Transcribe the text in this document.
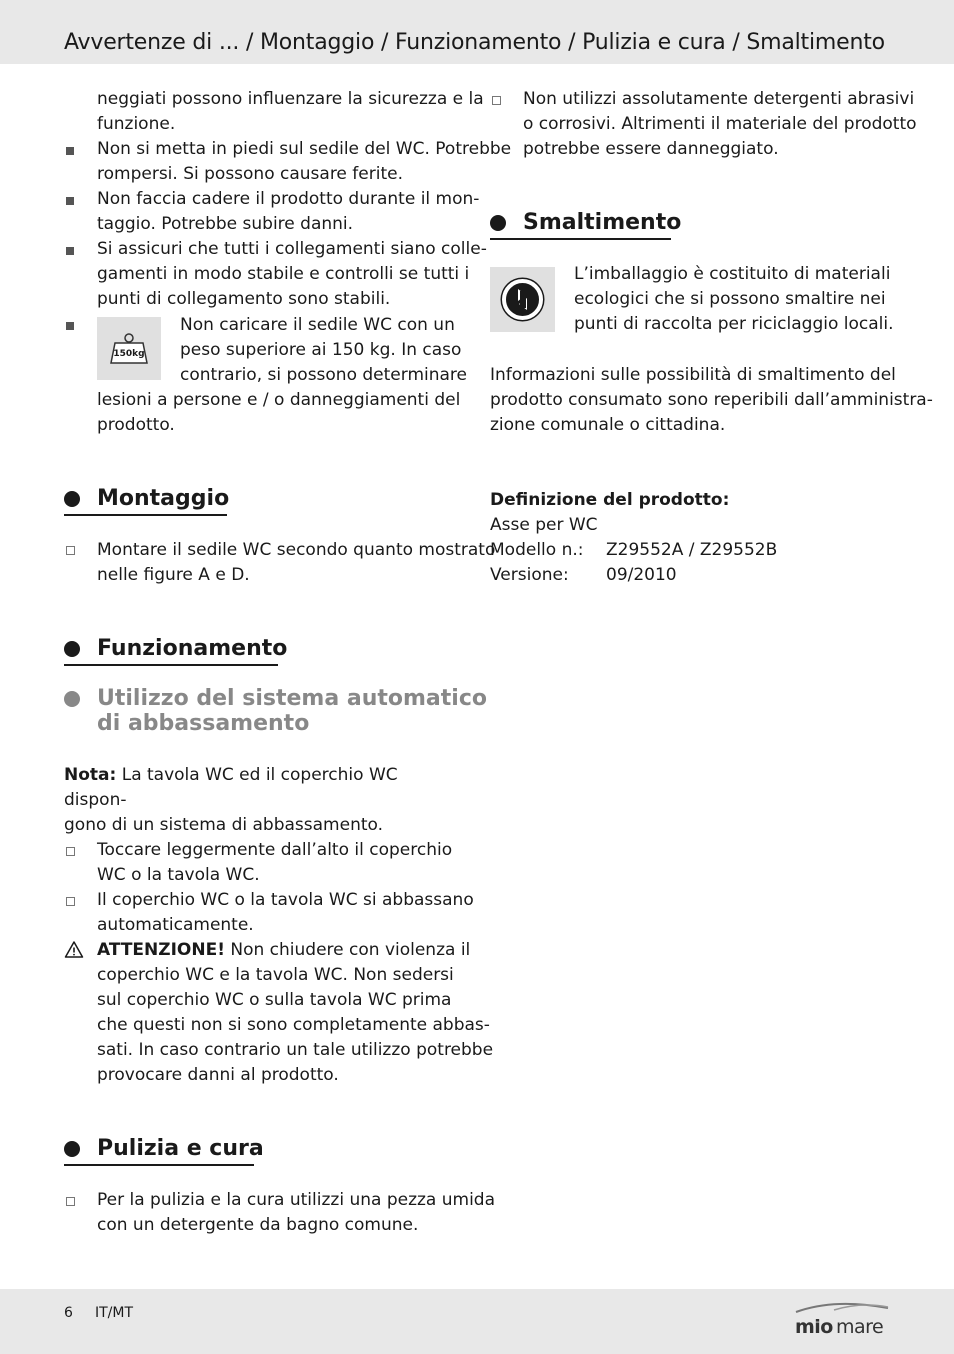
Avvertenze di ... / Montaggio / Funzionamento / Pulizia e cura / Smaltimento
neggiati possono influenzare la sicurezza e la
funzione.
Non si metta in piedi sul sedile del WC. Potrebbe
rompersi. Si possono causare ferite.
Non faccia cadere il prodotto durante il mon-
taggio. Potrebbe subire danni.
Si assicuri che tutti i collegamenti siano colle-
gamenti in modo stabile e controlli se tutti i
punti di collegamento sono stabili.
150kg
Non caricare il sedile WC con un
peso superiore ai 150 kg. In caso
contrario, si possono determinare
lesioni a persone e / o danneggiamenti del
prodotto.
Montaggio
Montare il sedile WC secondo quanto mostrato
nelle figure A e D.
Funzionamento
Utilizzo del sistema automatico
di abbassamento
Nota: La tavola WC ed il coperchio WC dispon-
gono di un sistema di abbassamento.
Toccare leggermente dall’alto il coperchio
WC o la tavola WC.
Il coperchio WC o la tavola WC si abbassano
automaticamente.
ATTENZIONE! Non chiudere con violenza il
coperchio WC e la tavola WC. Non sedersi
sul coperchio WC o sulla tavola WC prima
che questi non si sono completamente abbas-
sati. In caso contrario un tale utilizzo potrebbe
provocare danni al prodotto.
Pulizia e cura
Per la pulizia e la cura utilizzi una pezza umida
con un detergente da bagno comune.
Non utilizzi assolutamente detergenti abrasivi
o corrosivi. Altrimenti il materiale del prodotto
potrebbe essere danneggiato.
Smaltimento
L’imballaggio è costituito di materiali
ecologici che si possono smaltire nei
punti di raccolta per riciclaggio locali.
Informazioni sulle possibilità di smaltimento del
prodotto consumato sono reperibili dall’amministra-
zione comunale o cittadina.
Definizione del prodotto:
Asse per WC
Modello n.: Z29552A / Z29552B
Versione: 09/2010
6 IT/MT
mio mare
